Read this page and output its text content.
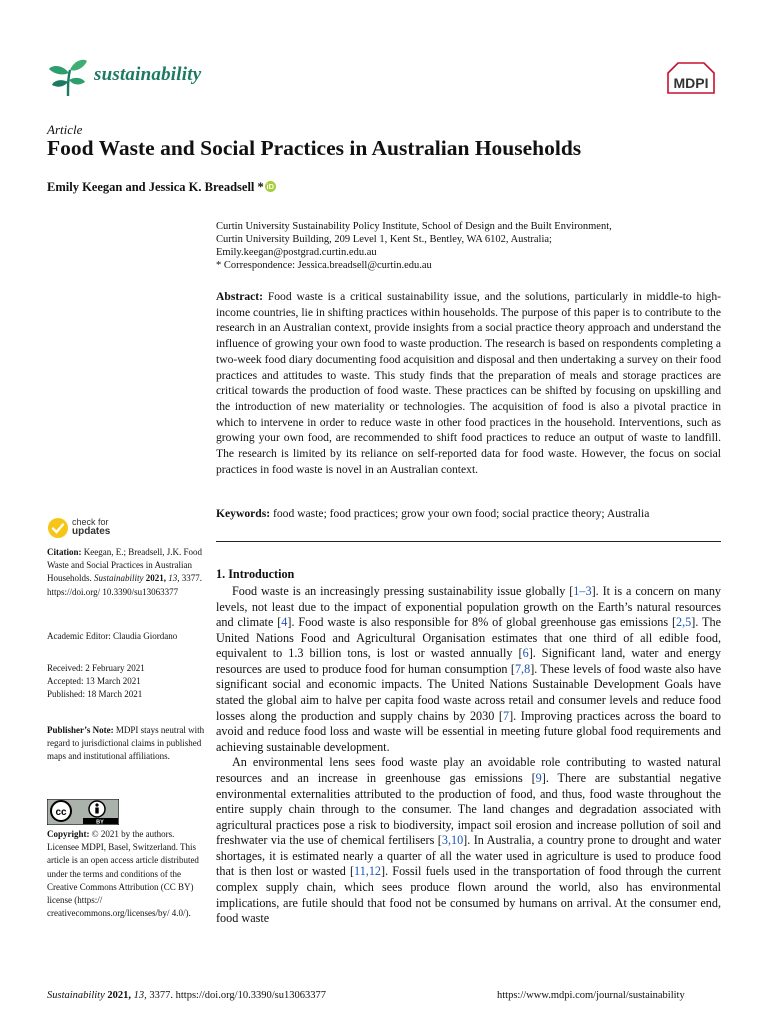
sustainability	MDPI
Article
Food Waste and Social Practices in Australian Households
Emily Keegan and Jessica K. Breadsell * iD
Curtin University Sustainability Policy Institute, School of Design and the Built Environment,
Curtin University Building, 209 Level 1, Kent St., Bentley, WA 6102, Australia;
Emily.keegan@postgrad.curtin.edu.au
* Correspondence: Jessica.breadsell@curtin.edu.au
Abstract: Food waste is a critical sustainability issue, and the solutions, particularly in middle-to high-income countries, lie in shifting practices within households. The purpose of this paper is to contribute to the research in an Australian context, provide insights from a social practice theory approach and understand the influence of growing your own food to waste production. The research is based on respondents completing a two-week food diary documenting food acquisition and disposal and then undertaking a survey on their food practices and attitudes to waste. This study finds that the preparation of meals and storage practices are critical towards the production of food waste. These practices can be shifted by focusing on upskilling and the introduction of new materiality or technologies. The acquisition of food is also a pivotal practice in which to intervene in order to reduce waste in other food practices in the household. Interventions, such as growing your own food, are recommended to shift food practices to reduce an output of waste to landfill. The research is limited by its reliance on self-reported data for food waste. However, the focus on social practices in food waste is novel in an Australian context.
Keywords: food waste; food practices; grow your own food; social practice theory; Australia
check for
updates
Citation: Keegan, E.; Breadsell, J.K. Food Waste and Social Practices in Australian Households. Sustainability 2021, 13, 3377. https://doi.org/ 10.3390/su13063377
Academic Editor: Claudia Giordano
Received: 2 February 2021
Accepted: 13 March 2021
Published: 18 March 2021
Publisher’s Note: MDPI stays neutral with regard to jurisdictional claims in published maps and institutional affiliations.
cc
BY
Copyright: © 2021 by the authors. Licensee MDPI, Basel, Switzerland. This article is an open access article distributed under the terms and conditions of the Creative Commons Attribution (CC BY) license (https:// creativecommons.org/licenses/by/ 4.0/).
1. Introduction

Food waste is an increasingly pressing sustainability issue globally [1–3]. It is a concern on many levels, not least due to the impact of exponential population growth on the Earth’s natural resources and climate [4]. Food waste is also responsible for 8% of global greenhouse gas emissions [2,5]. The United Nations Food and Agricultural Organisation estimates that one third of all edible food, equivalent to 1.3 billion tons, is lost or wasted annually [6]. Significant land, water and energy resources are used to produce food for human consumption [7,8]. These levels of food waste also have significant social and economic impacts. The United Nations Sustainable Development Goals have stated the global aim to halve per capita food waste across retail and consumer levels and reduce food losses along the production and supply chains by 2030 [7]. Improving practices across the board to avoid and reduce food loss and waste will be essential in meeting future global food requirements and achieving sustainable development.

An environmental lens sees food waste play an avoidable role contributing to wasted natural resources and an increase in greenhouse gas emissions [9]. There are substantial negative environmental externalities attributed to the production of food, and thus, food waste throughout the entire supply chain through to the consumer. The land changes and degradation associated with agricultural practices pose a risk to biodiversity, impact soil erosion and increase pollution of soil and freshwater via the use of chemical fertilisers [3,10]. In Australia, a country prone to drought and water shortages, it is estimated nearly a quarter of all the water used in agriculture is used to produce food that is then lost or wasted [11,12]. Fossil fuels used in the transportation of food through the current complex supply chain, which sees produce flown around the world, also has environmental implications, are futile should that food not be consumed by humans on arrival. At the consumer end, food waste

Sustainability 2021, 13, 3377. https://doi.org/10.3390/su13063377	https://www.mdpi.com/journal/sustainability
